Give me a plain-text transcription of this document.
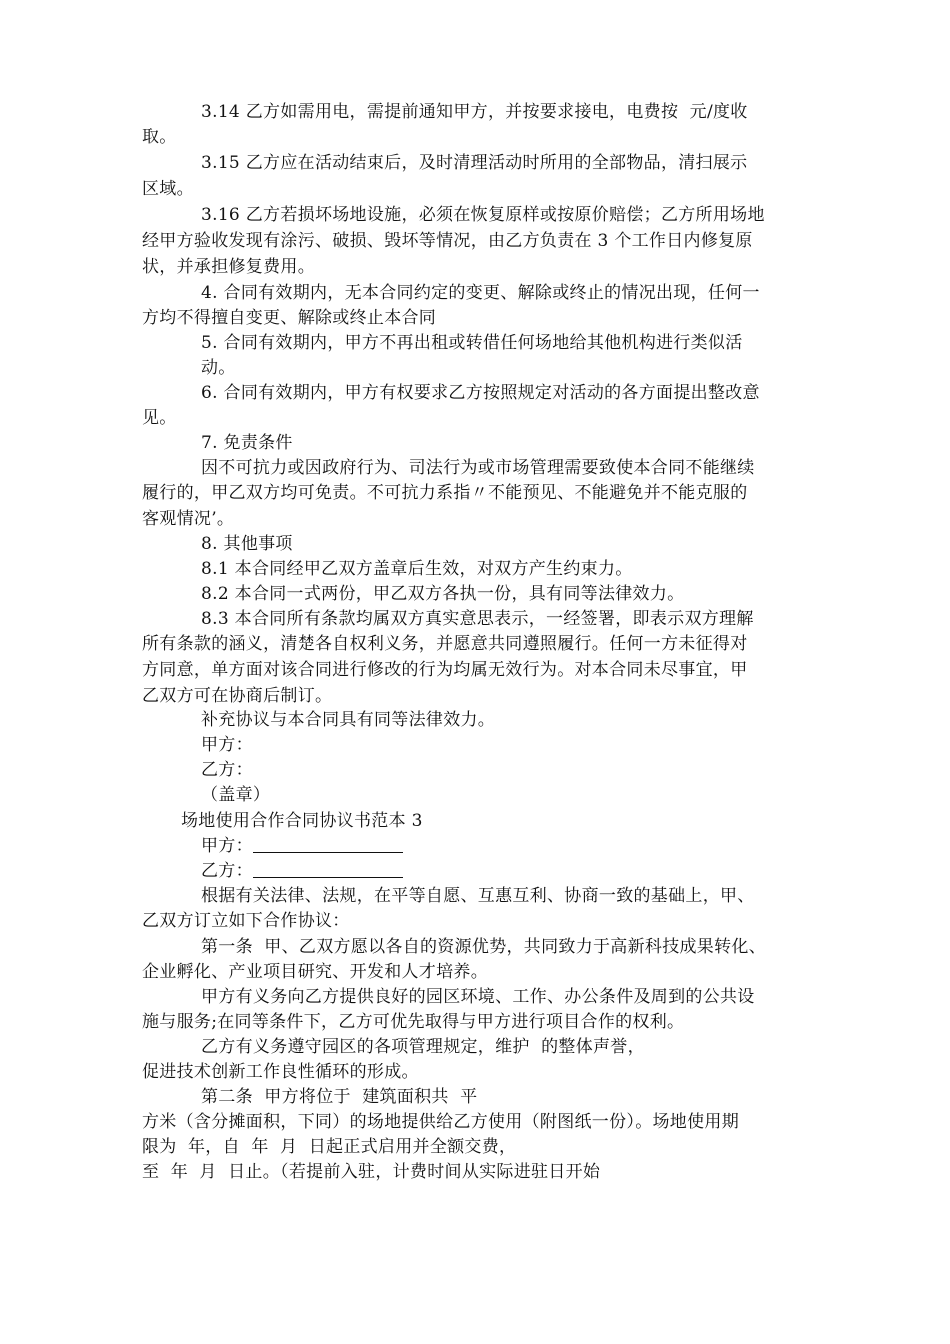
3.14 乙方如需用电，需提前通知甲方，并按要求接电，电费按  元/度收
取。
3.15 乙方应在活动结束后，及时清理活动时所用的全部物品，清扫展示
区域。
3.16 乙方若损坏场地设施，必须在恢复原样或按原价赔偿；乙方所用场地
经甲方验收发现有涂污、破损、毁坏等情况，由乙方负责在 3 个工作日内修复原
状，并承担修复费用。
4. 合同有效期内，无本合同约定的变更、解除或终止的情况出现，任何一
方均不得擅自变更、解除或终止本合同
5. 合同有效期内，甲方不再出租或转借任何场地给其他机构进行类似活
动。
6. 合同有效期内，甲方有权要求乙方按照规定对活动的各方面提出整改意
见。
7. 免责条件
因不可抗力或因政府行为、司法行为或市场管理需要致使本合同不能继续
履行的，甲乙双方均可免责。不可抗力系指〃不能预见、不能避免并不能克服的
客观情况’。
8. 其他事项
8.1 本合同经甲乙双方盖章后生效，对双方产生约束力。
8.2 本合同一式两份，甲乙双方各执一份，具有同等法律效力。
8.3 本合同所有条款均属双方真实意思表示，一经签署，即表示双方理解
所有条款的涵义，清楚各自权利义务，并愿意共同遵照履行。任何一方未征得对
方同意，单方面对该合同进行修改的行为均属无效行为。对本合同未尽事宜，甲
乙双方可在协商后制订。
补充协议与本合同具有同等法律效力。
甲方：
乙方：
（盖章）
场地使用合作合同协议书范本 3
甲方：
乙方：
根据有关法律、法规，在平等自愿、互惠互利、协商一致的基础上，甲、
乙双方订立如下合作协议：
第一条  甲、乙双方愿以各自的资源优势，共同致力于高新科技成果转化、
企业孵化、产业项目研究、开发和人才培养。
甲方有义务向乙方提供良好的园区环境、工作、办公条件及周到的公共设
施与服务;在同等条件下，乙方可优先取得与甲方进行项目合作的权利。
乙方有义务遵守园区的各项管理规定，维护  的整体声誉，
促进技术创新工作良性循环的形成。
第二条  甲方将位于  建筑面积共  平
方米（含分摊面积，下同）的场地提供给乙方使用（附图纸一份）。场地使用期
限为  年，自  年  月  日起正式启用并全额交费，
至  年  月  日止。（若提前入驻，计费时间从实际进驻日开始
